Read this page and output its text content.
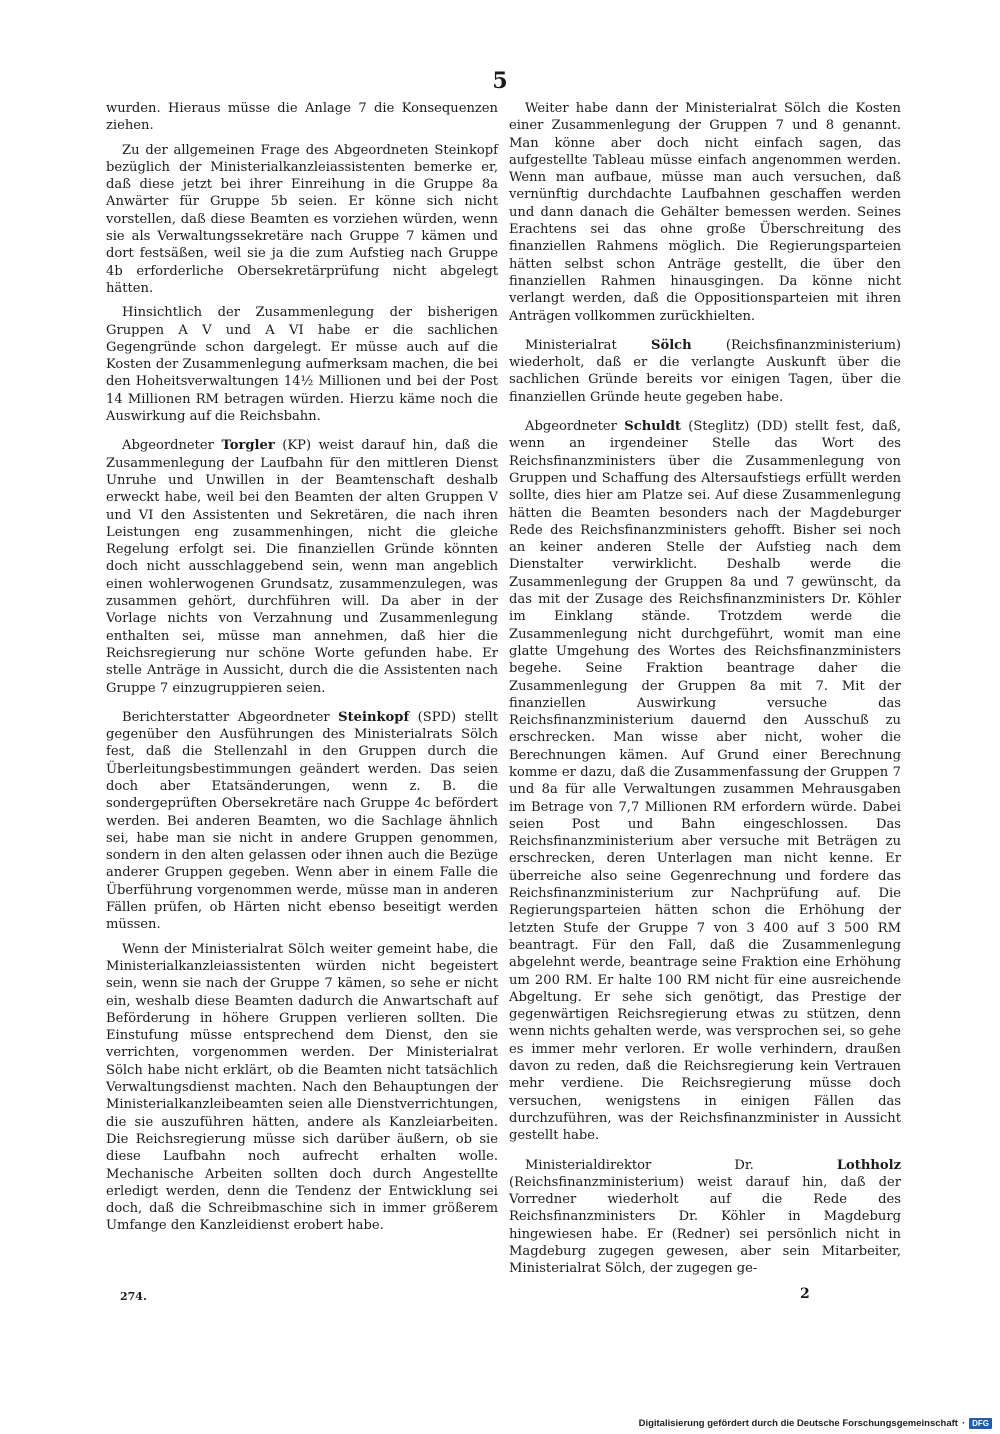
5

wurden. Hieraus müsse die Anlage 7 die Konsequenzen ziehen.

Zu der allgemeinen Frage des Abgeordneten Steinkopf bezüglich der Ministerialkanzleiassistenten bemerke er, daß diese jetzt bei ihrer Einreihung in die Gruppe 8a Anwärter für Gruppe 5b seien. Er könne sich nicht vorstellen, daß diese Beamten es vorziehen würden, wenn sie als Verwaltungssekretäre nach Gruppe 7 kämen und dort festsäßen, weil sie ja die zum Aufstieg nach Gruppe 4b erforderliche Obersekretärprüfung nicht abgelegt hätten.

Hinsichtlich der Zusammenlegung der bisherigen Gruppen A V und A VI habe er die sachlichen Gegengründe schon dargelegt. Er müsse auch auf die Kosten der Zusammenlegung aufmerksam machen, die bei den Hoheitsverwaltungen 14½ Millionen und bei der Post 14 Millionen RM betragen würden. Hierzu käme noch die Auswirkung auf die Reichsbahn.

Abgeordneter Torgler (KP) weist darauf hin, daß die Zusammenlegung der Laufbahn für den mittleren Dienst Unruhe und Unwillen in der Beamtenschaft deshalb erweckt habe, weil bei den Beamten der alten Gruppen V und VI den Assistenten und Sekretären, die nach ihren Leistungen eng zusammenhingen, nicht die gleiche Regelung erfolgt sei. Die finanziellen Gründe könnten doch nicht ausschlaggebend sein, wenn man angeblich einen wohlerwogenen Grundsatz, zusammenzulegen, was zusammen gehört, durchführen will. Da aber in der Vorlage nichts von Verzahnung und Zusammenlegung enthalten sei, müsse man annehmen, daß hier die Reichsregierung nur schöne Worte gefunden habe. Er stelle Anträge in Aussicht, durch die die Assistenten nach Gruppe 7 einzugruppieren seien.

Berichterstatter Abgeordneter Steinkopf (SPD) stellt gegenüber den Ausführungen des Ministerialrats Sölch fest, daß die Stellenzahl in den Gruppen durch die Überleitungsbestimmungen geändert werden. Das seien doch aber Etatsänderungen, wenn z. B. die sondergeprüften Obersekretäre nach Gruppe 4c befördert werden. Bei anderen Beamten, wo die Sachlage ähnlich sei, habe man sie nicht in andere Gruppen genommen, sondern in den alten gelassen oder ihnen auch die Bezüge anderer Gruppen gegeben. Wenn aber in einem Falle die Überführung vorgenommen werde, müsse man in anderen Fällen prüfen, ob Härten nicht ebenso beseitigt werden müssen.

Wenn der Ministerialrat Sölch weiter gemeint habe, die Ministerialkanzleiassistenten würden nicht begeistert sein, wenn sie nach der Gruppe 7 kämen, so sehe er nicht ein, weshalb diese Beamten dadurch die Anwartschaft auf Beförderung in höhere Gruppen verlieren sollten. Die Einstufung müsse entsprechend dem Dienst, den sie verrichten, vorgenommen werden. Der Ministerialrat Sölch habe nicht erklärt, ob die Beamten nicht tatsächlich Verwaltungsdienst machten. Nach den Behauptungen der Ministerialkanzleibeamten seien alle Dienstverrichtungen, die sie auszuführen hätten, andere als Kanzleiarbeiten. Die Reichsregierung müsse sich darüber äußern, ob sie diese Laufbahn noch aufrecht erhalten wolle. Mechanische Arbeiten sollten doch durch Angestellte erledigt werden, denn die Tendenz der Entwicklung sei doch, daß die Schreibmaschine sich in immer größerem Umfange den Kanzleidienst erobert habe.

Weiter habe dann der Ministerialrat Sölch die Kosten einer Zusammenlegung der Gruppen 7 und 8 genannt. Man könne aber doch nicht einfach sagen, das aufgestellte Tableau müsse einfach angenommen werden. Wenn man aufbaue, müsse man auch versuchen, daß vernünftig durchdachte Laufbahnen geschaffen werden und dann danach die Gehälter bemessen werden. Seines Erachtens sei das ohne große Überschreitung des finanziellen Rahmens möglich. Die Regierungsparteien hätten selbst schon Anträge gestellt, die über den finanziellen Rahmen hinausgingen. Da könne nicht verlangt werden, daß die Oppositionsparteien mit ihren Anträgen vollkommen zurückhielten.

Ministerialrat Sölch (Reichsfinanzministerium) wiederholt, daß er die verlangte Auskunft über die sachlichen Gründe bereits vor einigen Tagen, über die finanziellen Gründe heute gegeben habe.

Abgeordneter Schuldt (Steglitz) (DD) stellt fest, daß, wenn an irgendeiner Stelle das Wort des Reichsfinanzministers über die Zusammenlegung von Gruppen und Schaffung des Altersaufstiegs erfüllt werden sollte, dies hier am Platze sei. Auf diese Zusammenlegung hätten die Beamten besonders nach der Magdeburger Rede des Reichsfinanzministers gehofft. Bisher sei noch an keiner anderen Stelle der Aufstieg nach dem Dienstalter verwirklicht. Deshalb werde die Zusammenlegung der Gruppen 8a und 7 gewünscht, da das mit der Zusage des Reichsfinanzministers Dr. Köhler im Einklang stände. Trotzdem werde die Zusammenlegung nicht durchgeführt, womit man eine glatte Umgehung des Wortes des Reichsfinanzministers begehe. Seine Fraktion beantrage daher die Zusammenlegung der Gruppen 8a mit 7. Mit der finanziellen Auswirkung versuche das Reichsfinanzministerium dauernd den Ausschuß zu erschrecken. Man wisse aber nicht, woher die Berechnungen kämen. Auf Grund einer Berechnung komme er dazu, daß die Zusammenfassung der Gruppen 7 und 8a für alle Verwaltungen zusammen Mehrausgaben im Betrage von 7,7 Millionen RM erfordern würde. Dabei seien Post und Bahn eingeschlossen. Das Reichsfinanzministerium aber versuche mit Beträgen zu erschrecken, deren Unterlagen man nicht kenne. Er überreiche also seine Gegenrechnung und fordere das Reichsfinanzministerium zur Nachprüfung auf. Die Regierungsparteien hätten schon die Erhöhung der letzten Stufe der Gruppe 7 von 3 400 auf 3 500 RM beantragt. Für den Fall, daß die Zusammenlegung abgelehnt werde, beantrage seine Fraktion eine Erhöhung um 200 RM. Er halte 100 RM nicht für eine ausreichende Abgeltung. Er sehe sich genötigt, das Prestige der gegenwärtigen Reichsregierung etwas zu stützen, denn wenn nichts gehalten werde, was versprochen sei, so gehe es immer mehr verloren. Er wolle verhindern, draußen davon zu reden, daß die Reichsregierung kein Vertrauen mehr verdiene. Die Reichsregierung müsse doch versuchen, wenigstens in einigen Fällen das durchzuführen, was der Reichsfinanzminister in Aussicht gestellt habe.

Ministerialdirektor Dr. Lothholz (Reichsfinanzministerium) weist darauf hin, daß der Vorredner wiederholt auf die Rede des Reichsfinanzministers Dr. Köhler in Magdeburg hingewiesen habe. Er (Redner) sei persönlich nicht in Magdeburg zugegen gewesen, aber sein Mitarbeiter, Ministerialrat Sölch, der zugegen ge-

274.	2
Digitalisierung gefördert durch die Deutsche Forschungsgemeinschaft · DFG
